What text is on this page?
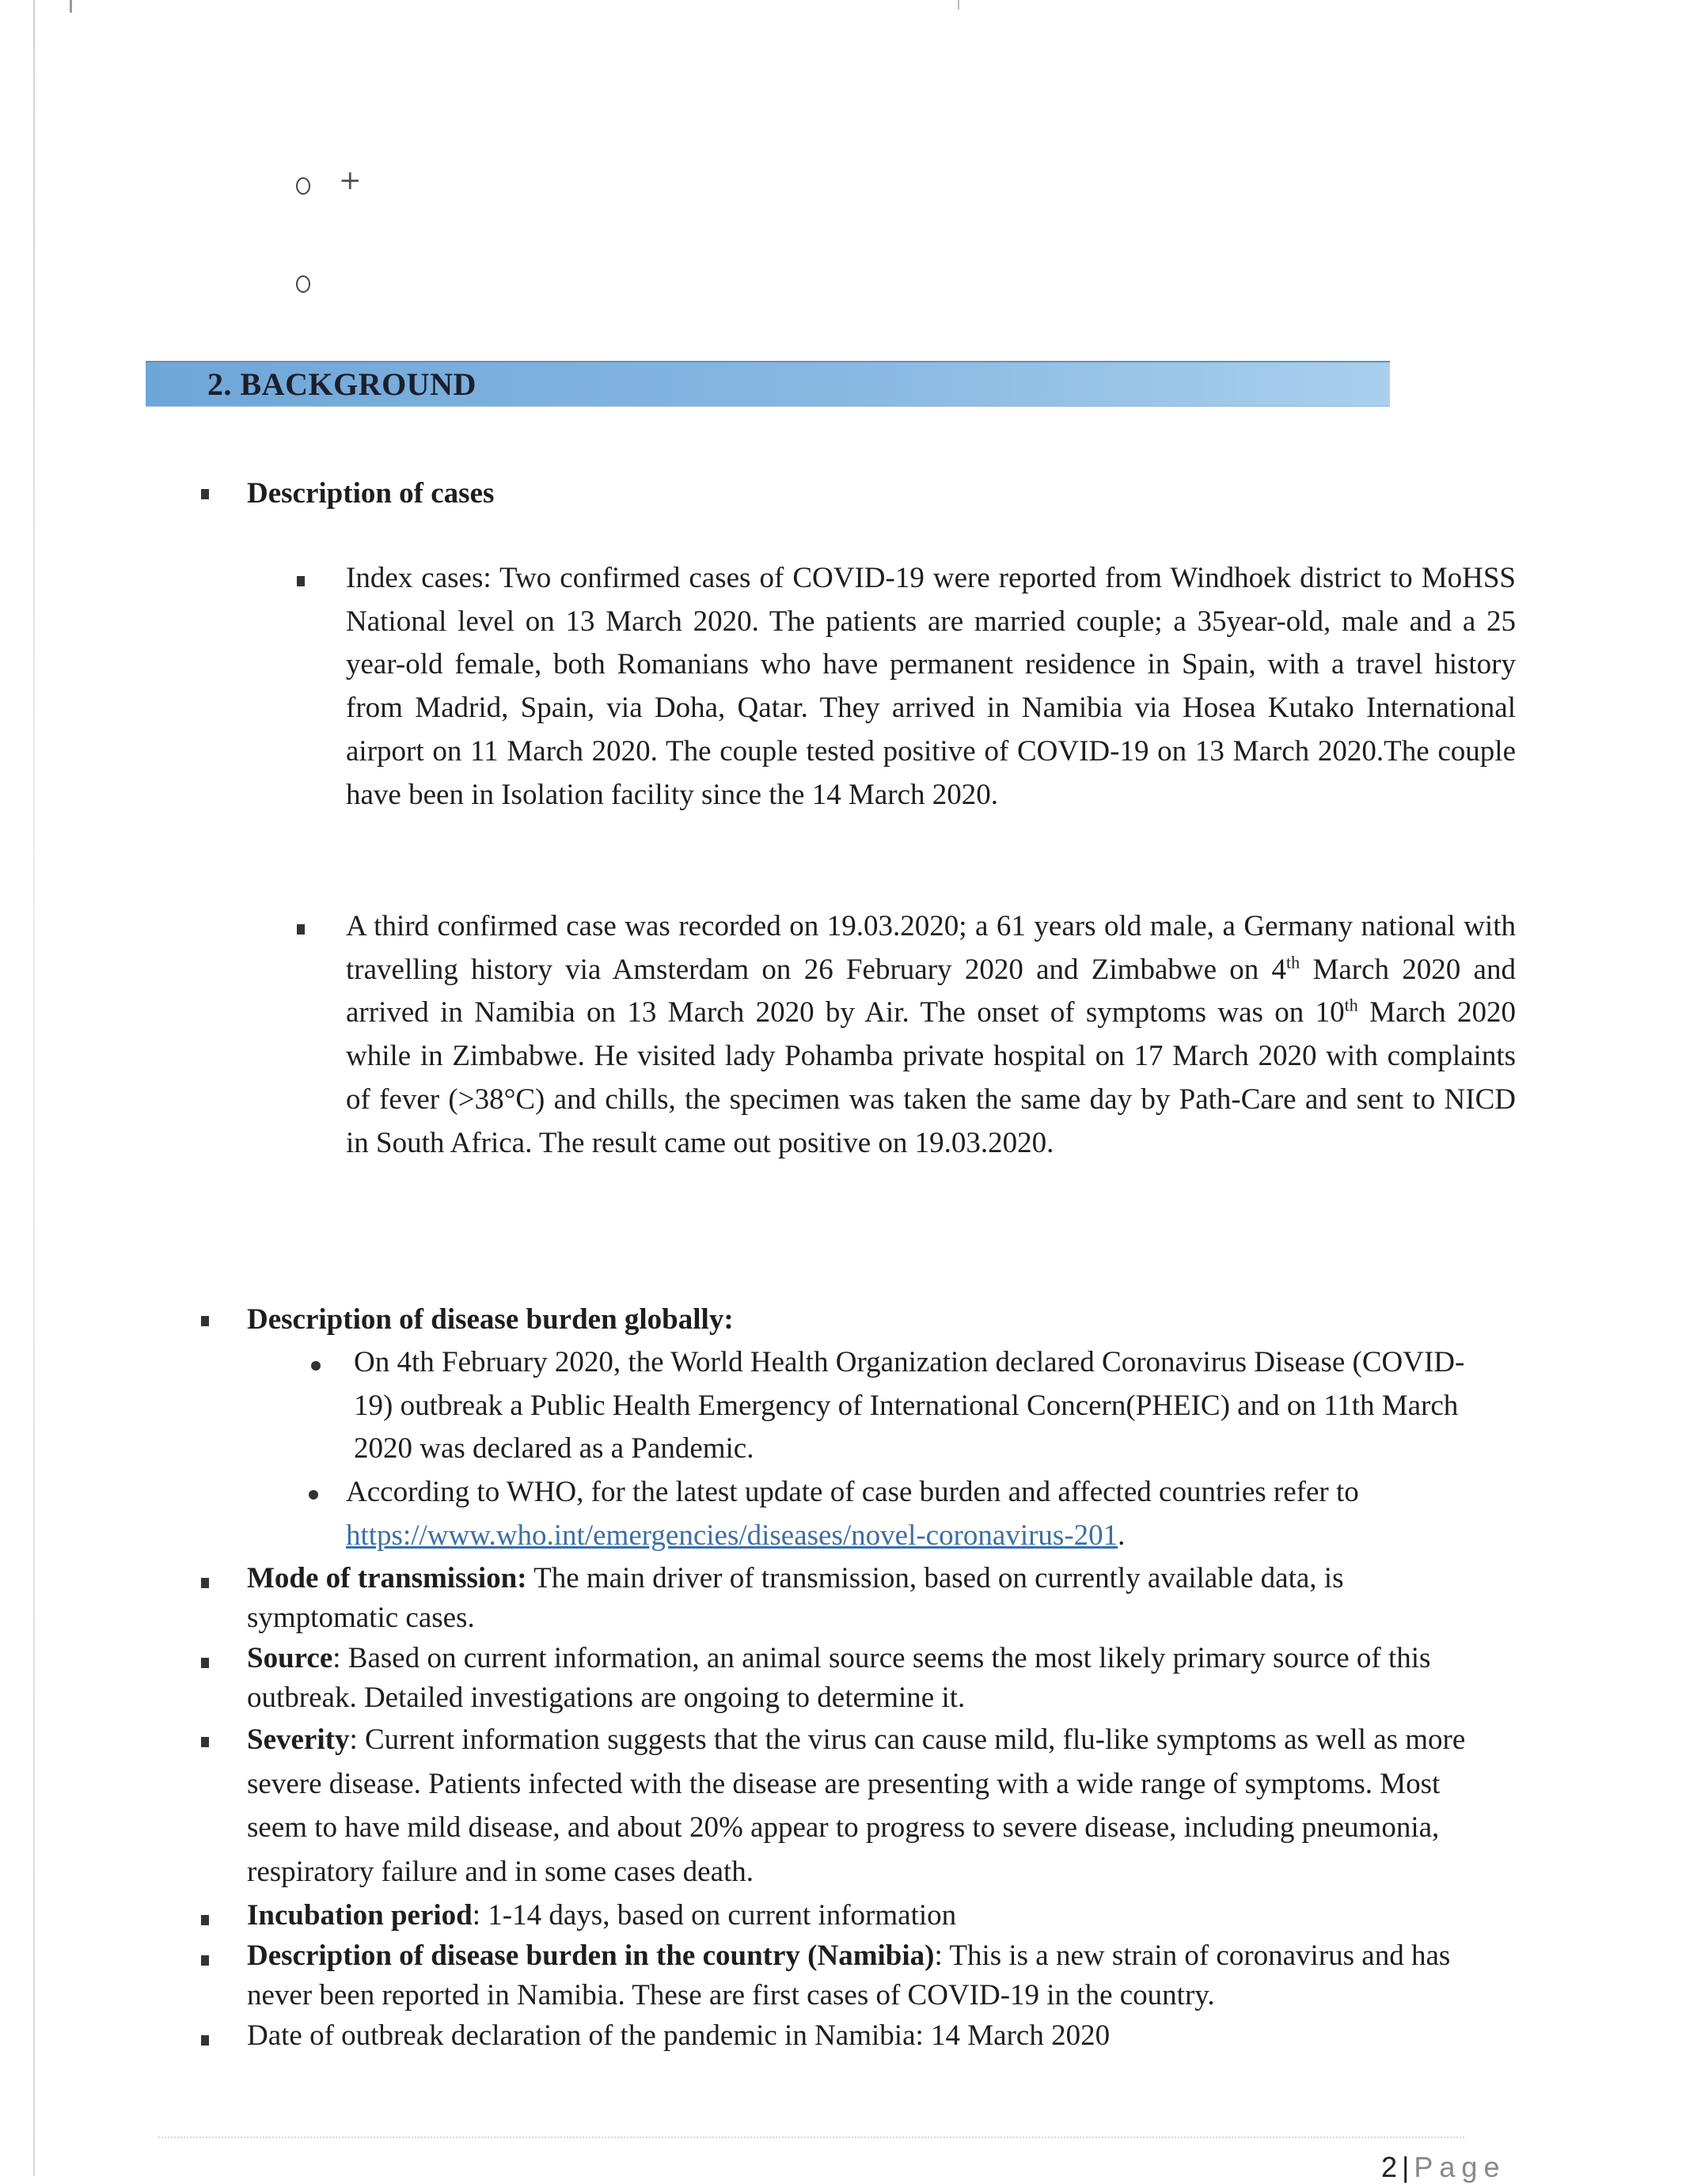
+
2. BACKGROUND
Description of cases
Index cases: Two confirmed cases of COVID-19 were reported from Windhoek district to MoHSS National level on 13 March 2020. The patients are married couple; a 35year-old, male and a 25 year-old female, both Romanians who have permanent residence in Spain, with a travel history from Madrid, Spain, via Doha, Qatar. They arrived in Namibia via Hosea Kutako International airport on 11 March 2020. The couple tested positive of COVID-19 on 13 March 2020.The couple have been in Isolation facility since the 14 March 2020.
A third confirmed case was recorded on 19.03.2020; a 61 years old male, a Germany national with travelling history via Amsterdam on 26 February 2020 and Zimbabwe on 4th March 2020 and arrived in Namibia on 13 March 2020 by Air. The onset of symptoms was on 10th March 2020 while in Zimbabwe. He visited lady Pohamba private hospital on 17 March 2020 with complaints of fever (>38°C) and chills, the specimen was taken the same day by Path-Care and sent to NICD in South Africa. The result came out positive on 19.03.2020.
Description of disease burden globally:
On 4th February 2020, the World Health Organization declared Coronavirus Disease (COVID-19) outbreak a Public Health Emergency of International Concern(PHEIC) and on 11th March 2020 was declared as a Pandemic.
According to WHO, for the latest update of case burden and affected countries refer to
https://www.who.int/emergencies/diseases/novel-coronavirus-201.
Mode of transmission: The main driver of transmission, based on currently available data, is symptomatic cases.
Source: Based on current information, an animal source seems the most likely primary source of this outbreak. Detailed investigations are ongoing to determine it.
Severity: Current information suggests that the virus can cause mild, flu-like symptoms as well as more severe disease. Patients infected with the disease are presenting with a wide range of symptoms. Most seem to have mild disease, and about 20% appear to progress to severe disease, including pneumonia, respiratory failure and in some cases death.
Incubation period: 1-14 days, based on current information
Description of disease burden in the country (Namibia): This is a new strain of coronavirus and has never been reported in Namibia. These are first cases of COVID-19 in the country.
Date of outbreak declaration of the pandemic in Namibia: 14 March 2020
2 | Page
